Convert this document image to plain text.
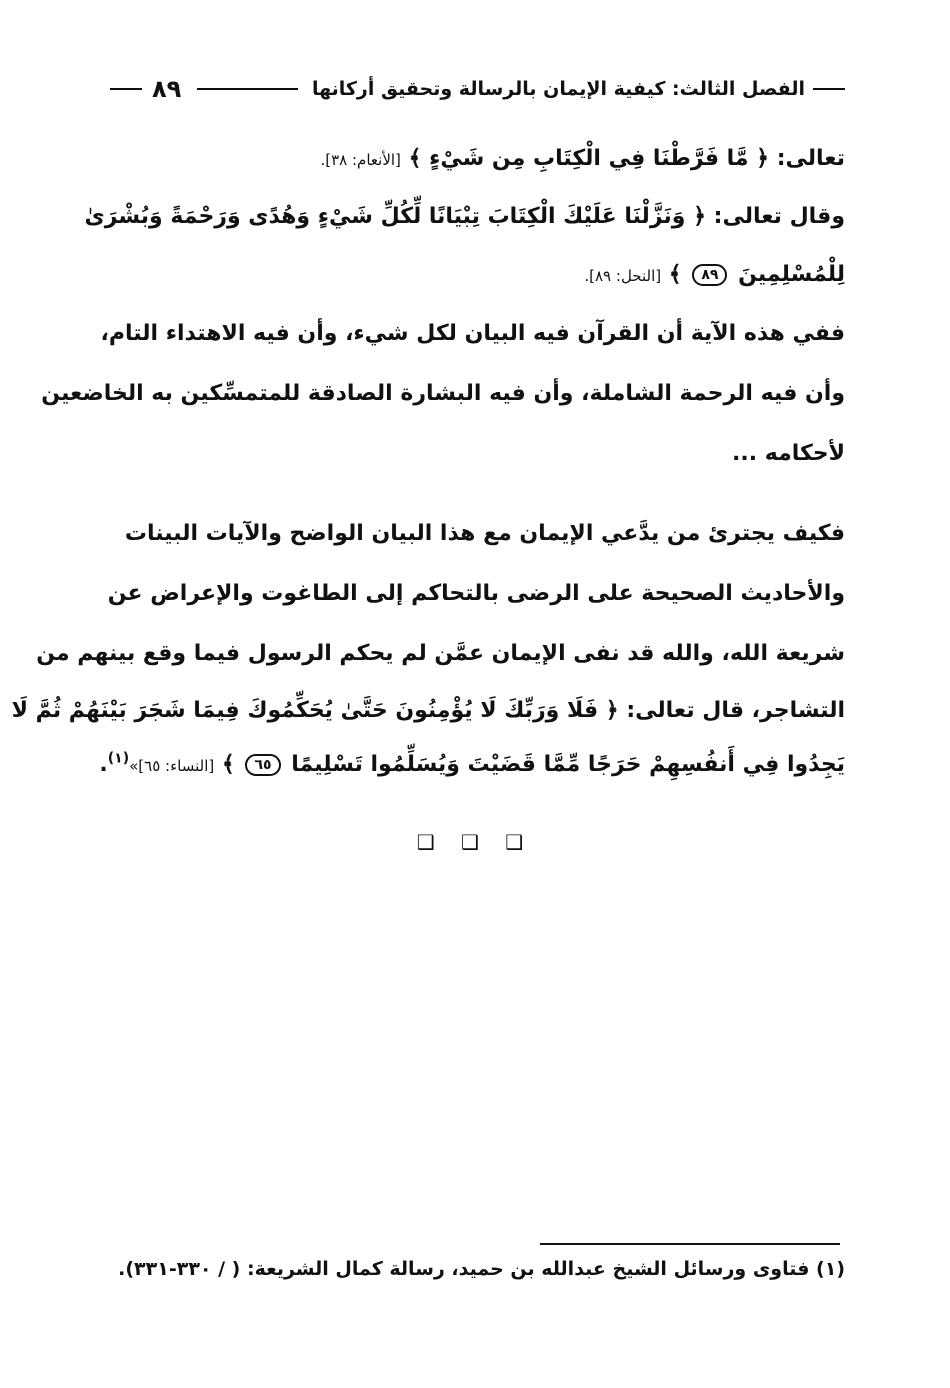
الفصل الثالث: كيفية الإيمان بالرسالة وتحقيق أركانها
٨٩
تعالى: ﴿ مَّا فَرَّطْنَا فِي الْكِتَابِ مِن شَيْءٍ ﴾ [الأنعام: ٣٨].
وقال تعالى: ﴿ وَنَزَّلْنَا عَلَيْكَ الْكِتَابَ تِبْيَانًا لِّكُلِّ شَيْءٍ وَهُدًى وَرَحْمَةً وَبُشْرَىٰ
لِلْمُسْلِمِينَ ٨٩ ﴾ [النحل: ٨٩].
ففي هذه الآية أن القرآن فيه البيان لكل شيء، وأن فيه الاهتداء التام،
وأن فيه الرحمة الشاملة، وأن فيه البشارة الصادقة للمتمسِّكين به الخاضعين
لأحكامه ...
فكيف يجترئ من يدَّعي الإيمان مع هذا البيان الواضح والآيات البينات
والأحاديث الصحيحة على الرضى بالتحاكم إلى الطاغوت والإعراض عن
شريعة الله، والله قد نفى الإيمان عمَّن لم يحكم الرسول فيما وقع بينهم من
التشاجر، قال تعالى: ﴿ فَلَا وَرَبِّكَ لَا يُؤْمِنُونَ حَتَّىٰ يُحَكِّمُوكَ فِيمَا شَجَرَ بَيْنَهُمْ ثُمَّ لَا
يَجِدُوا فِي أَنفُسِهِمْ حَرَجًا مِّمَّا قَضَيْتَ وَيُسَلِّمُوا تَسْلِيمًا ٦٥ ﴾ [النساء: ٦٥]»$^{(١)}$.
❑ ❑ ❑
(١) فتاوى ورسائل الشيخ عبدالله بن حميد، رسالة كمال الشريعة: ( / ٣٣٠-٣٣١).
